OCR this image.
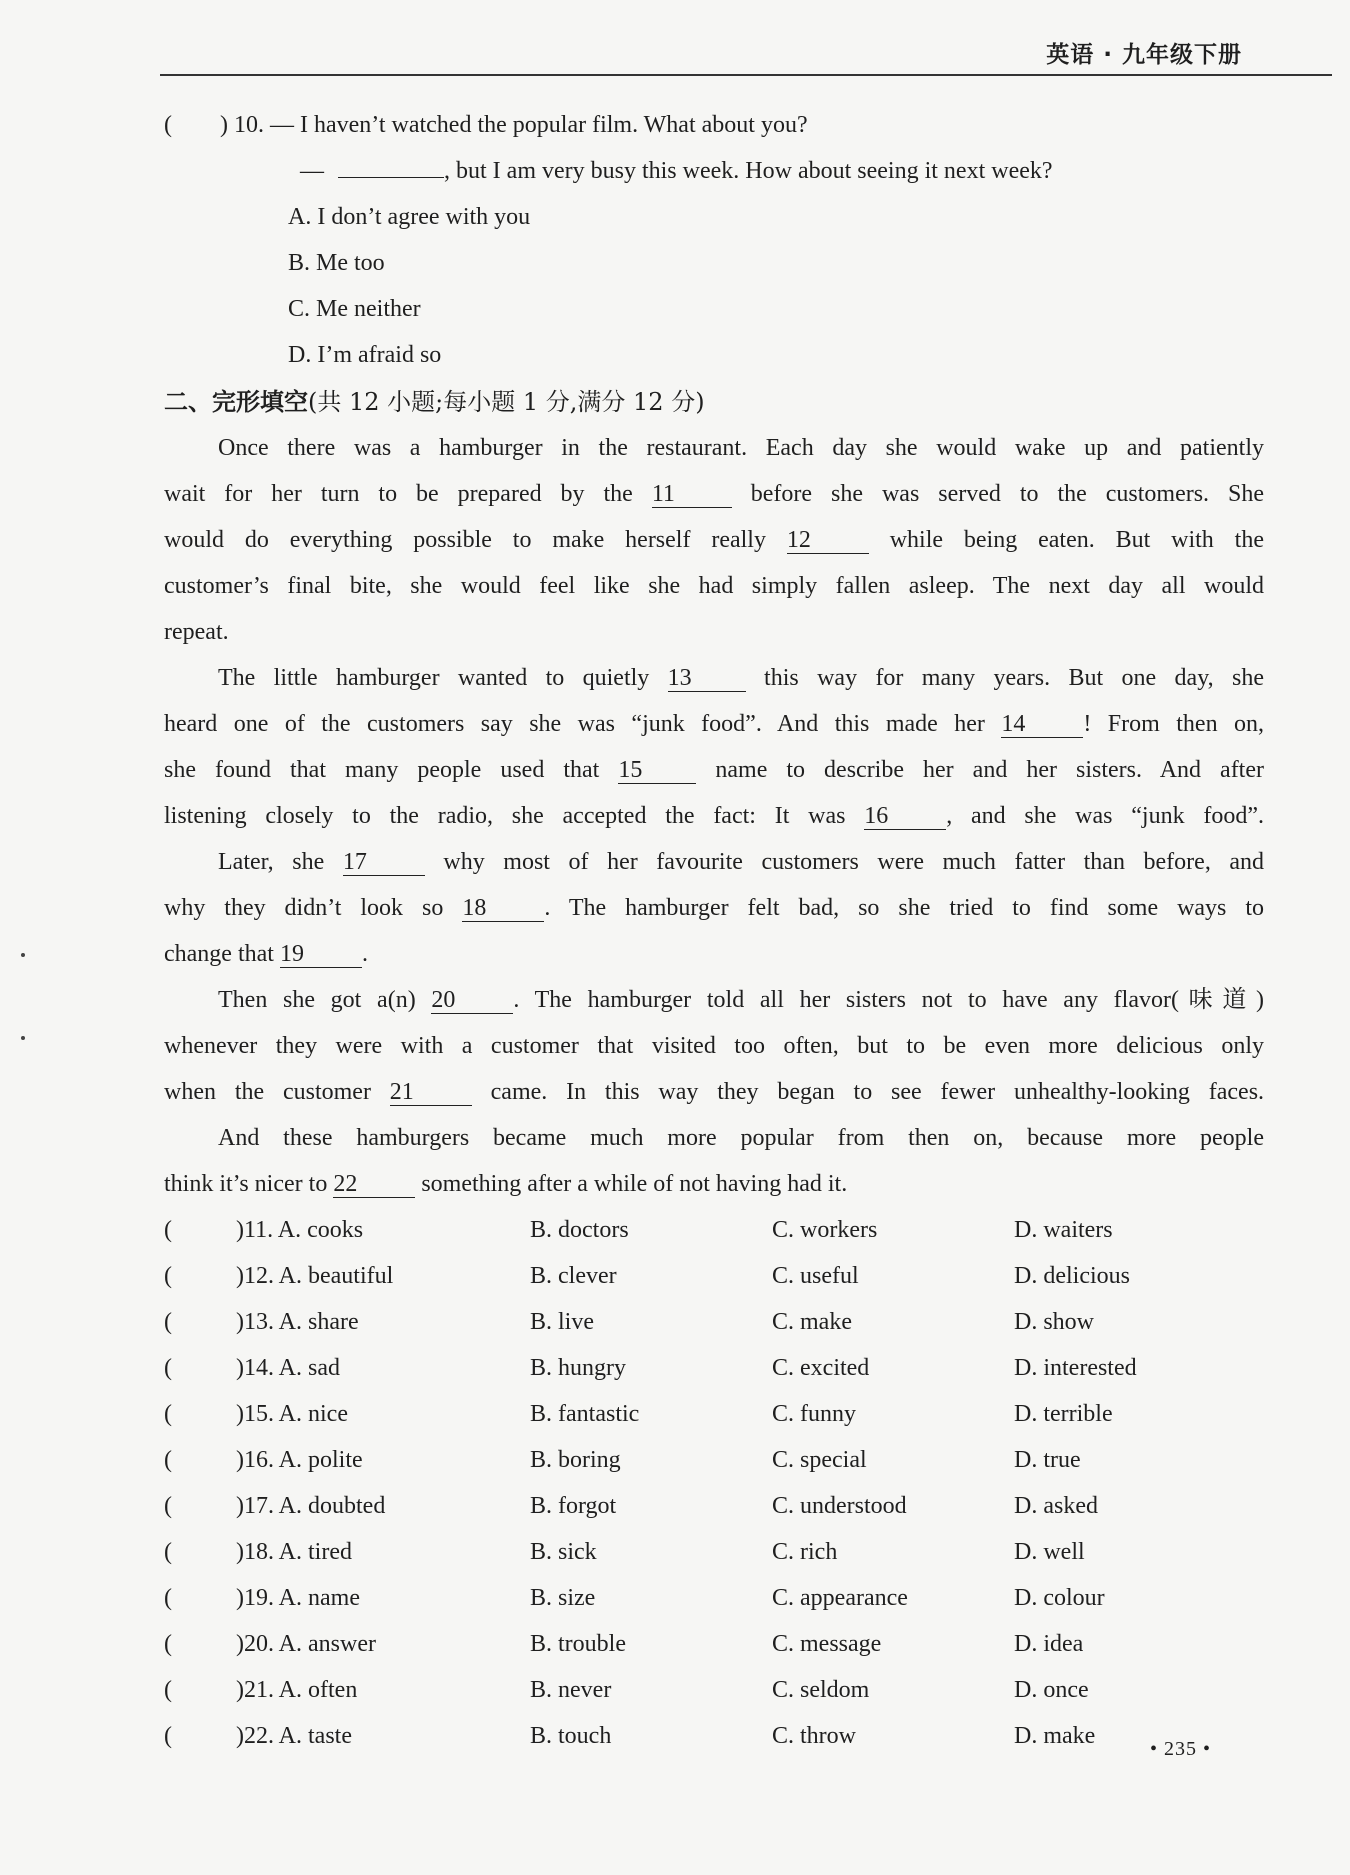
英语 · 九年级下册
(　　) 10. — I haven’t watched the popular film. What about you?
—	, but I am very busy this week. How about seeing it next week?
A. I don’t agree with you
B. Me too
C. Me neither
D. I’m afraid so
二、完形填空(共 12 小题;每小题 1 分,满分 12 分)
Once there was a hamburger in the restaurant. Each day she would wake up and patiently
wait for her turn to be prepared by the 11	before she was served to the customers. She
would do everything possible to make herself really 12	while being eaten. But with the
customer’s final bite, she would feel like she had simply fallen asleep. The next day all would
repeat.
The little hamburger wanted to quietly 13	this way for many years. But one day, she
heard one of the customers say she was “junk food”. And this made her 14 ! From then on,
she found that many people used that 15	name to describe her and her sisters. And after
listening closely to the radio, she accepted the fact: It was 16 , and she was “junk food”.
Later, she 17	why most of her favourite customers were much fatter than before, and
why they didn’t look so 18 . The hamburger felt bad, so she tried to find some ways to
change that 19 .
Then she got a(n) 20 . The hamburger told all her sisters not to have any flavor(味道)
whenever they were with a customer that visited too often, but to be even more delicious only
when the customer 21	came. In this way they began to see fewer unhealthy-looking faces.
And these hamburgers became much more popular from then on, because more people
think it’s nicer to 22	something after a while of not having had it.
(	)11. A. cooks	B. doctors	C. workers	D. waiters
(	)12. A. beautiful	B. clever	C. useful	D. delicious
(	)13. A. share	B. live	C. make	D. show
(	)14. A. sad	B. hungry	C. excited	D. interested
(	)15. A. nice	B. fantastic	C. funny	D. terrible
(	)16. A. polite	B. boring	C. special	D. true
(	)17. A. doubted	B. forgot	C. understood	D. asked
(	)18. A. tired	B. sick	C. rich	D. well
(	)19. A. name	B. size	C. appearance	D. colour
(	)20. A. answer	B. trouble	C. message	D. idea
(	)21. A. often	B. never	C. seldom	D. once
(	)22. A. taste	B. touch	C. throw	D. make	• 235 •
